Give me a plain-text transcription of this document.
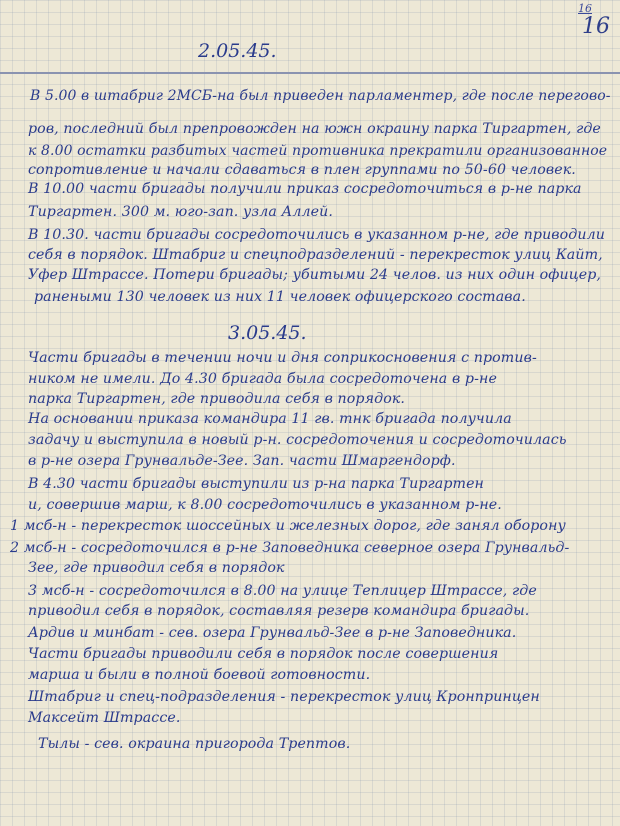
16
16
2.05.45.
В 5.00 в штабриг 2МСБ-на был приведен парламентер, где после перегово-
ров, последний был препровожден на южн окраину парка Тиргартен, где
к 8.00 остатки разбитых частей противника прекратили организованное
сопротивление и начали сдаваться в плен группами по 50-60 человек.
В 10.00 части бригады получили приказ сосредоточиться в р-не парка
Тиргартен. 300 м. юго-зап. узла Аллей.
В 10.30. части бригады сосредоточились в указанном р-не, где приводили
себя в порядок. Штабриг и спецподразделений - перекресток улиц Кайт,
Уфер Штрассе. Потери бригады; убитыми 24 челов. из них один офицер,
ранеными 130 человек из них 11 человек офицерского состава.
3.05.45.
Части бригады в течении ночи и дня соприкосновения с против-
ником не имели. До 4.30 бригада была сосредоточена в р-не
парка Тиргартен, где приводила себя в порядок.
На основании приказа командира 11 гв. тнк бригада получила
задачу и выступила в новый р-н. сосредоточения и сосредоточилась
в р-не озера Грунвальде-Зее. Зап. части Шмаргендорф.
В 4.30 части бригады выступили из р-на парка Тиргартен
и, совершив марш, к 8.00 сосредоточились в указанном р-не.
1 мсб-н - перекресток шоссейных и железных дорог, где занял оборону
2 мсб-н - сосредоточился в р-не Заповедника северное озера Грунвальд-
Зее, где приводил себя в порядок
3 мсб-н - сосредоточился в 8.00 на улице Теплицер Штрассе, где
приводил себя в порядок, составляя резерв командира бригады.
Ардив и минбат - сев. озера Грунвальд-Зее в р-не Заповедника.
Части бригады приводили себя в порядок после совершения
марша и были в полной боевой готовности.
Штабриг и спец-подразделения - перекресток улиц Кронпринцен
Максейт Штрассе.
Тылы - сев. окраина пригорода Трептов.
